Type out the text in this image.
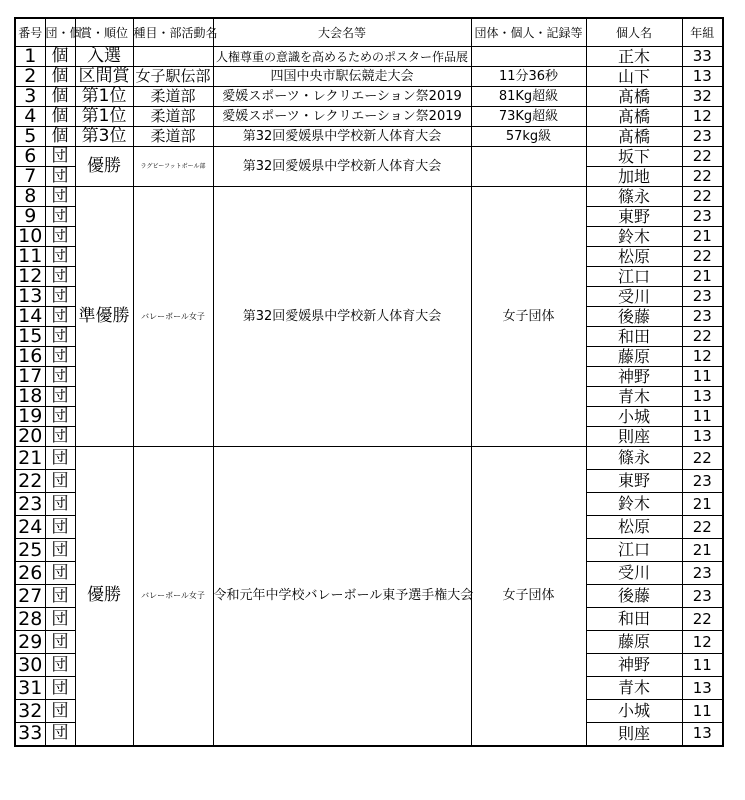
番号	団・個	賞・順位	種目・部活動名	大会名等	団体・個人・記録等	個人名	年組
1	個	入選		人権尊重の意識を高めるためのポスター作品展		正木	33
2	個	区間賞	女子駅伝部	四国中央市駅伝競走大会	11分36秒	山下	13
3	個	第1位	柔道部	愛媛スポーツ・レクリエーション祭2019	81Kg超級	髙橋	32
4	個	第1位	柔道部	愛媛スポーツ・レクリエーション祭2019	73Kg超級	髙橋	12
5	個	第3位	柔道部	第32回愛媛県中学校新人体育大会	57kg級	髙橋	23
6	団	優勝	ラグビーフットボール部	第32回愛媛県中学校新人体育大会		坂下	22
7	団					加地	22
8	団	準優勝	バレーボール女子	第32回愛媛県中学校新人体育大会	女子団体	篠永	22
9	団					東野	23
10	団					鈴木	21
11	団					松原	22
12	団					江口	21
13	団					受川	23
14	団					後藤	23
15	団					和田	22
16	団					藤原	12
17	団					神野	11
18	団					青木	13
19	団					小城	11
20	団					則座	13
21	団	優勝	バレーボール女子	令和元年中学校バレーボール東予選手権大会	女子団体	篠永	22
22	団					東野	23
23	団					鈴木	21
24	団					松原	22
25	団					江口	21
26	団					受川	23
27	団					後藤	23
28	団					和田	22
29	団					藤原	12
30	団					神野	11
31	団					青木	13
32	団					小城	11
33	団					則座	13
